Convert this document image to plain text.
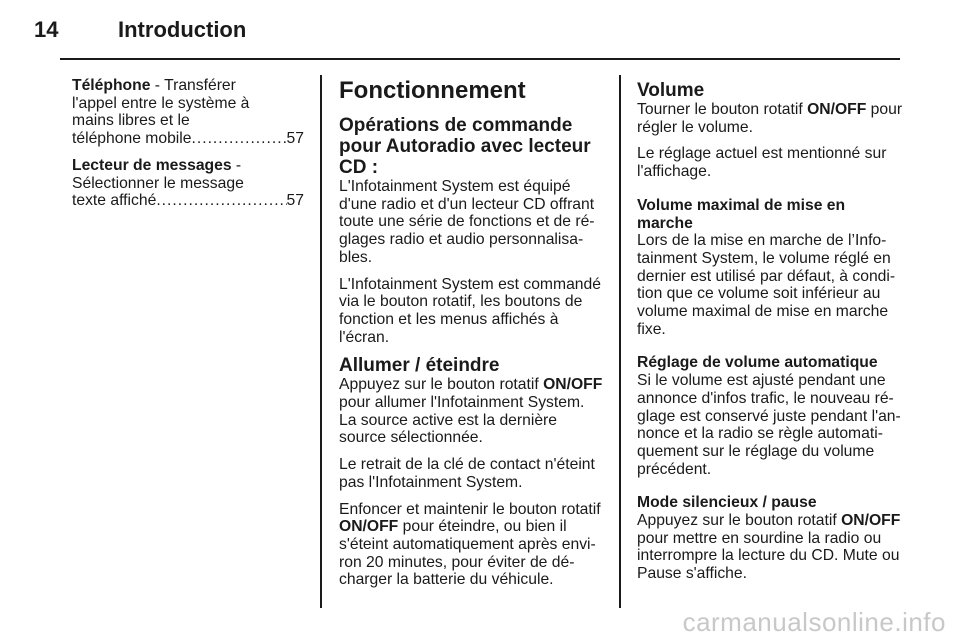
14	Introduction

Téléphone - Transférer
l'appel entre le système à
mains libres et le
téléphone mobile .....	57

Lecteur de messages -
Sélectionner le message
texte affiché .....	57

Fonctionnement
Opérations de commande pour Autoradio avec lecteur CD :

L'Infotainment System est équipé d'une radio et d'un lecteur CD offrant toute une série de fonctions et de réglages radio et audio personnalisables.

L'Infotainment System est commandé via le bouton rotatif, les boutons de fonction et les menus affichés à l'écran.

Allumer / éteindre

Appuyez sur le bouton rotatif ON/OFF pour allumer l'Infotainment System. La source active est la dernière source sélectionnée.

Le retrait de la clé de contact n'éteint pas l'Infotainment System.

Enfoncer et maintenir le bouton rotatif ON/OFF pour éteindre, ou bien il s'éteint automatiquement après environ 20 minutes, pour éviter de décharger la batterie du véhicule.

Volume

Tourner le bouton rotatif ON/OFF pour régler le volume.

Le réglage actuel est mentionné sur l'affichage.

Volume maximal de mise en marche

Lors de la mise en marche de l’Infotainment System, le volume réglé en dernier est utilisé par défaut, à condition que ce volume soit inférieur au volume maximal de mise en marche fixe.

Réglage de volume automatique

Si le volume est ajusté pendant une annonce d'infos trafic, le nouveau réglage est conservé juste pendant l'annonce et la radio se règle automatiquement sur le réglage du volume précédent.

Mode silencieux / pause

Appuyez sur le bouton rotatif ON/OFF pour mettre en sourdine la radio ou interrompre la lecture du CD. Mute ou Pause s'affiche.

carmanualsonline.info
